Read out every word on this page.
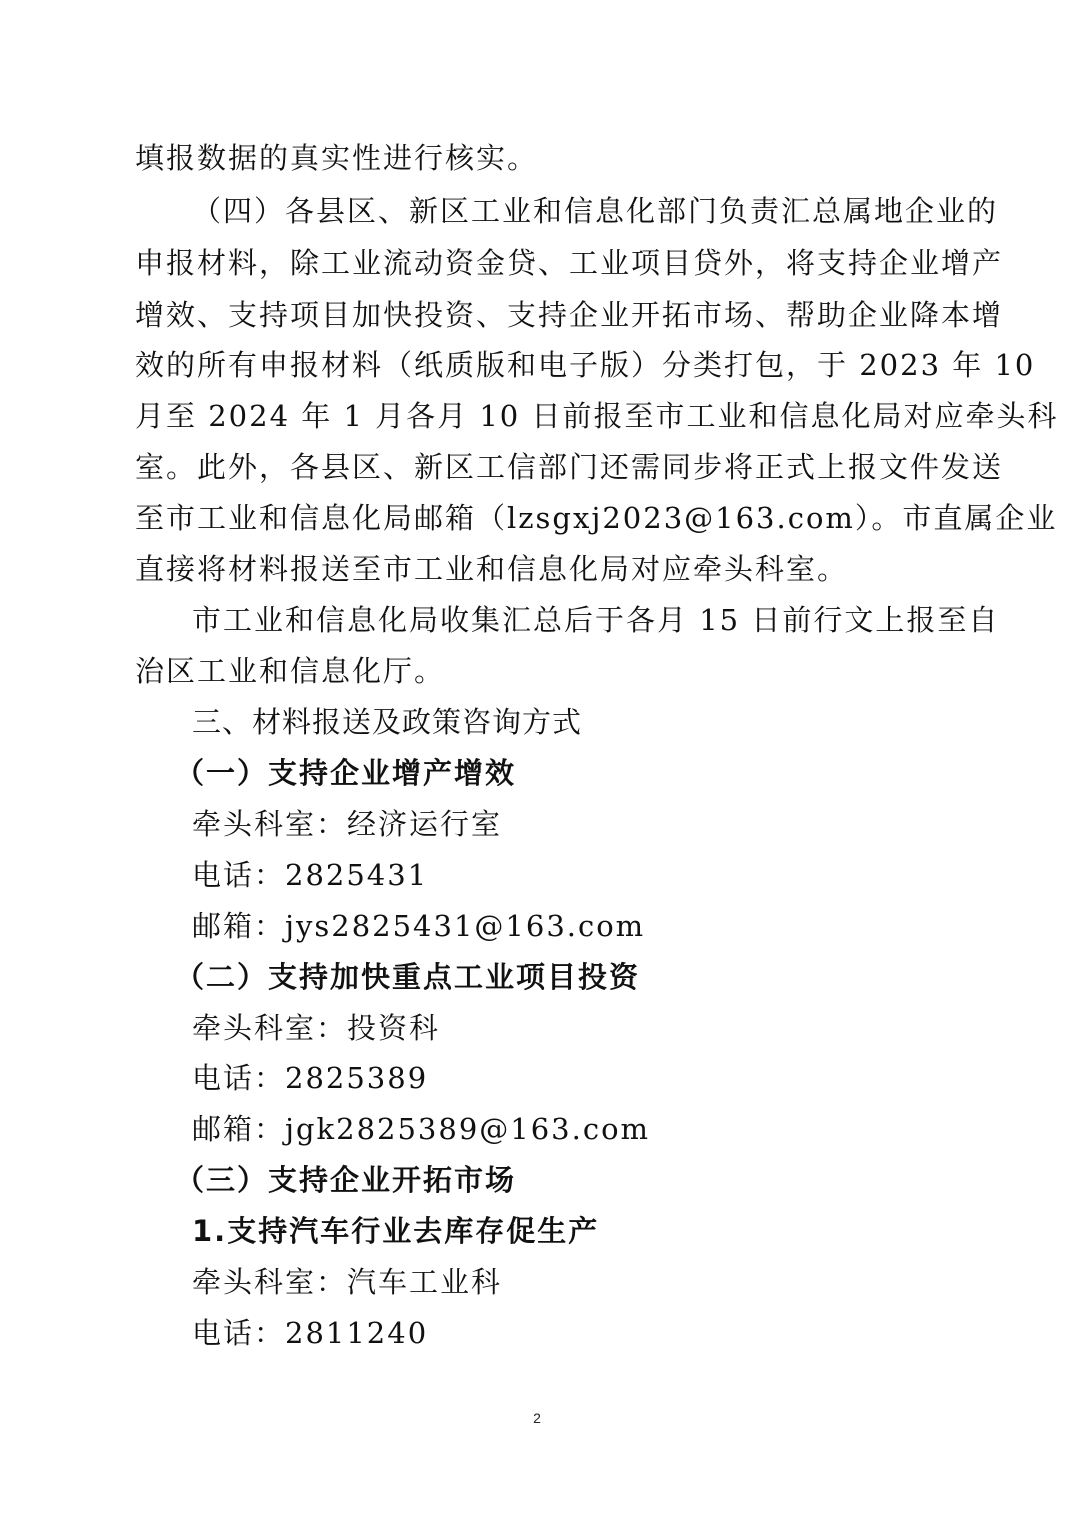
填报数据的真实性进行核实。
（四）各县区、新区工业和信息化部门负责汇总属地企业的
申报材料，除工业流动资金贷、工业项目贷外，将支持企业增产
增效、支持项目加快投资、支持企业开拓市场、帮助企业降本增
效的所有申报材料（纸质版和电子版）分类打包，于 2023 年 10
月至 2024 年 1 月各月 10 日前报至市工业和信息化局对应牵头科
室。此外，各县区、新区工信部门还需同步将正式上报文件发送
至市工业和信息化局邮箱（lzsgxj2023@163.com）。市直属企业
直接将材料报送至市工业和信息化局对应牵头科室。
市工业和信息化局收集汇总后于各月 15 日前行文上报至自
治区工业和信息化厅。
三、材料报送及政策咨询方式
（一）支持企业增产增效
牵头科室：经济运行室
电话：2825431
邮箱：jys2825431@163.com
（二）支持加快重点工业项目投资
牵头科室：投资科
电话：2825389
邮箱：jgk2825389@163.com
（三）支持企业开拓市场
1.支持汽车行业去库存促生产
牵头科室：汽车工业科
电话：2811240
2
